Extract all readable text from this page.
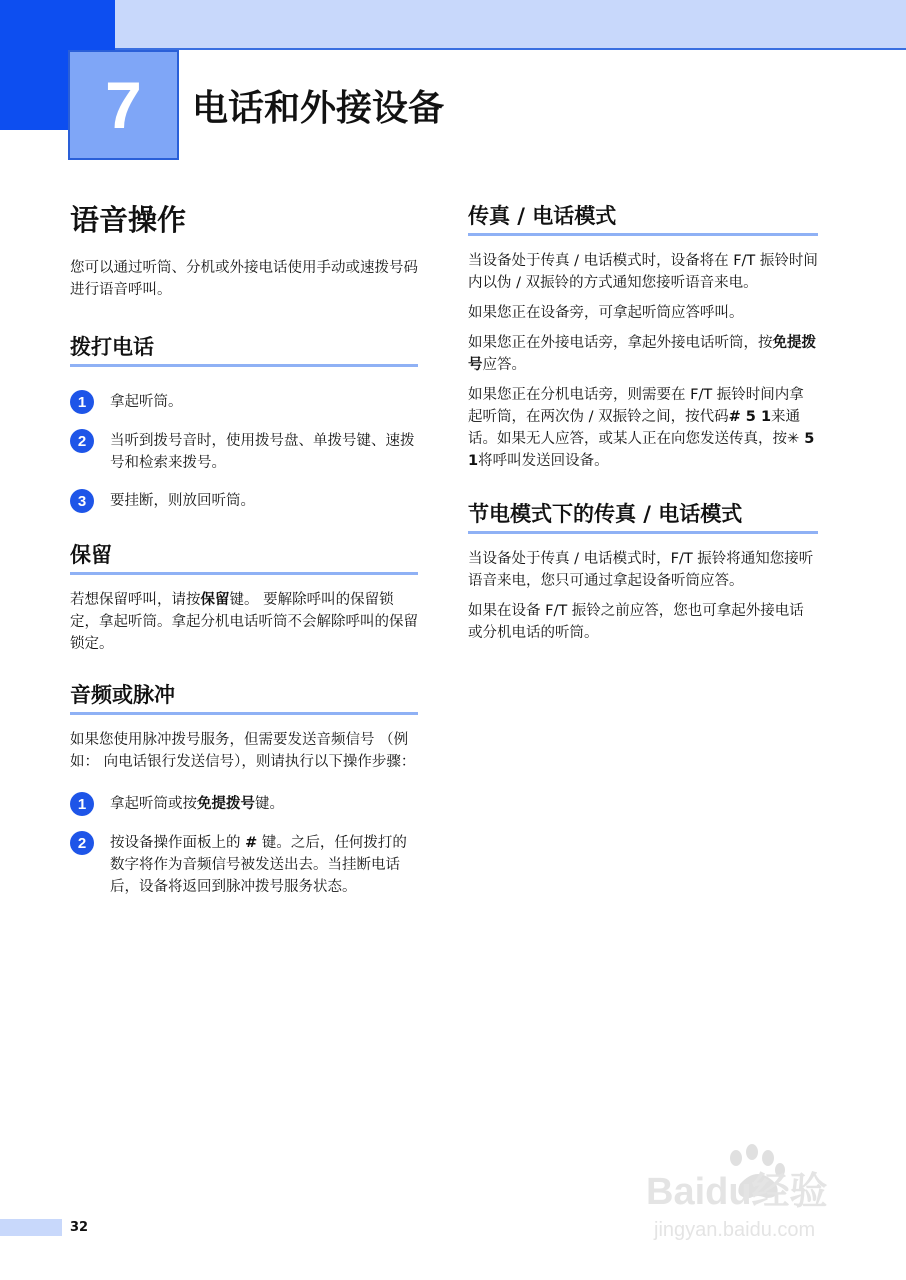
7	电话和外接设备
语音操作

您可以通过听筒、分机或外接电话使用手动或速拨号码进行语音呼叫。

拨打电话
1	拿起听筒。

2	当听到拨号音时，使用拨号盘、单拨号键、速拨号和检索来拨号。

3	要挂断，则放回听筒。

保留

若想保留呼叫，请按保留键。 要解除呼叫的保留锁定，拿起听筒。拿起分机电话听筒不会解除呼叫的保留锁定。

音频或脉冲

如果您使用脉冲拨号服务，但需要发送音频信号 （例如： 向电话银行发送信号），则请执行以下操作步骤：

1	拿起听筒或按免提拨号键。

2	按设备操作面板上的 # 键。之后，任何拨打的数字将作为音频信号被发送出去。当挂断电话后，设备将返回到脉冲拨号服务状态。

传真 / 电话模式

当设备处于传真 / 电话模式时，设备将在 F/T 振铃时间内以伪 / 双振铃的方式通知您接听语音来电。

如果您正在设备旁，可拿起听筒应答呼叫。

如果您正在外接电话旁，拿起外接电话听筒，按免提拨号应答。

如果您正在分机电话旁，则需要在 F/T 振铃时间内拿起听筒，在两次伪 / 双振铃之间，按代码# 5 1来通话。如果无人应答，或某人正在向您发送传真，按✳ 5 1将呼叫发送回设备。

节电模式下的传真 / 电话模式

当设备处于传真 / 电话模式时，F/T 振铃将通知您接听语音来电，您只可通过拿起设备听筒应答。

如果在设备 F/T 振铃之前应答，您也可拿起外接电话或分机电话的听筒。

32
Baidu经验
jingyan.baidu.com
